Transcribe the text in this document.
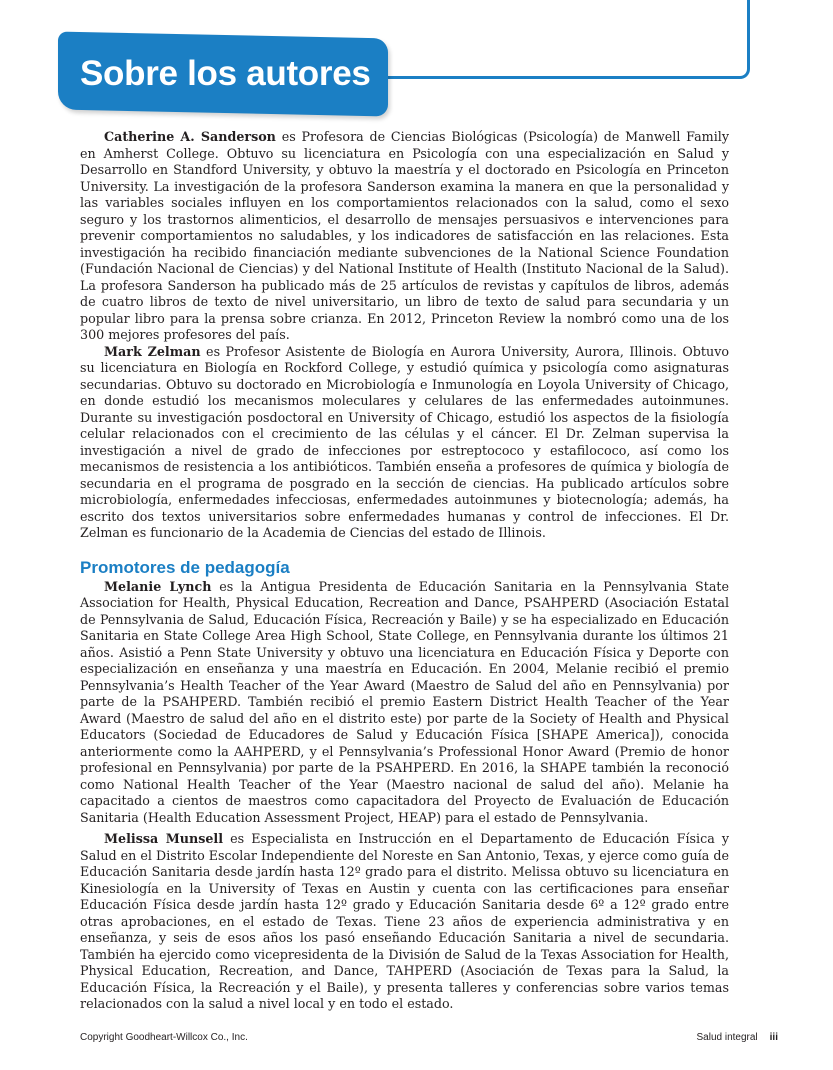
Sobre los autores

Catherine A. Sanderson es Profesora de Ciencias Biológicas (Psicología) de Manwell Family en Amherst College. Obtuvo su licenciatura en Psicología con una especialización en Salud y Desarrollo en Standford University, y obtuvo la maestría y el doctorado en Psicología en Princeton University. La investigación de la profesora Sanderson examina la manera en que la personalidad y las variables sociales influyen en los comportamientos relacionados con la salud, como el sexo seguro y los trastornos alimenticios, el desarrollo de mensajes persuasivos e intervenciones para prevenir comportamientos no saludables, y los indicadores de satisfacción en las relaciones. Esta investigación ha recibido financiación mediante subvenciones de la National Science Foundation (Fundación Nacional de Ciencias) y del National Institute of Health (Instituto Nacional de la Salud). La profesora Sanderson ha publicado más de 25 artículos de revistas y capítulos de libros, además de cuatro libros de texto de nivel universitario, un libro de texto de salud para secundaria y un popular libro para la prensa sobre crianza. En 2012, Princeton Review la nombró como una de los 300 mejores profesores del país.

Mark Zelman es Profesor Asistente de Biología en Aurora University, Aurora, Illinois. Obtuvo su licenciatura en Biología en Rockford College, y estudió química y psicología como asignaturas secundarias. Obtuvo su doctorado en Microbiología e Inmunología en Loyola University of Chicago, en donde estudió los mecanismos moleculares y celulares de las enfermedades autoinmunes. Durante su investigación posdoctoral en University of Chicago, estudió los aspectos de la fisiología celular relacionados con el crecimiento de las células y el cáncer. El Dr. Zelman supervisa la investigación a nivel de grado de infecciones por estreptococo y estafilococo, así como los mecanismos de resistencia a los antibióticos. También enseña a profesores de química y biología de secundaria en el programa de posgrado en la sección de ciencias. Ha publicado artículos sobre microbiología, enfermedades infecciosas, enfermedades autoinmunes y biotecnología; además, ha escrito dos textos universitarios sobre enfermedades humanas y control de infecciones. El Dr. Zelman es funcionario de la Academia de Ciencias del estado de Illinois.

Promotores de pedagogía

Melanie Lynch es la Antigua Presidenta de Educación Sanitaria en la Pennsylvania State Association for Health, Physical Education, Recreation and Dance, PSAHPERD (Asociación Estatal de Pennsylvania de Salud, Educación Física, Recreación y Baile) y se ha especializado en Educación Sanitaria en State College Area High School, State College, en Pennsylvania durante los últimos 21 años. Asistió a Penn State University y obtuvo una licenciatura en Educación Física y Deporte con especialización en enseñanza y una maestría en Educación. En 2004, Melanie recibió el premio Pennsylvania’s Health Teacher of the Year Award (Maestro de Salud del año en Pennsylvania) por parte de la PSAHPERD. También recibió el premio Eastern District Health Teacher of the Year Award (Maestro de salud del año en el distrito este) por parte de la Society of Health and Physical Educators (Sociedad de Educadores de Salud y Educación Física [SHAPE America]), conocida anteriormente como la AAHPERD, y el Pennsylvania’s Professional Honor Award (Premio de honor profesional en Pennsylvania) por parte de la PSAHPERD. En 2016, la SHAPE también la reconoció como National Health Teacher of the Year (Maestro nacional de salud del año). Melanie ha capacitado a cientos de maestros como capacitadora del Proyecto de Evaluación de Educación Sanitaria (Health Education Assessment Project, HEAP) para el estado de Pennsylvania.

Melissa Munsell es Especialista en Instrucción en el Departamento de Educación Física y Salud en el Distrito Escolar Independiente del Noreste en San Antonio, Texas, y ejerce como guía de Educación Sanitaria desde jardín hasta 12º grado para el distrito. Melissa obtuvo su licenciatura en Kinesiología en la University of Texas en Austin y cuenta con las certificaciones para enseñar Educación Física desde jardín hasta 12º grado y Educación Sanitaria desde 6º a 12º grado entre otras aprobaciones, en el estado de Texas. Tiene 23 años de experiencia administrativa y en enseñanza, y seis de esos años los pasó enseñando Educación Sanitaria a nivel de secundaria. También ha ejercido como vicepresidenta de la División de Salud de la Texas Association for Health, Physical Education, Recreation, and Dance, TAHPERD (Asociación de Texas para la Salud, la Educación Física, la Recreación y el Baile), y presenta talleres y conferencias sobre varios temas relacionados con la salud a nivel local y en todo el estado.

Copyright Goodheart-Willcox Co., Inc.	Salud integral iii
